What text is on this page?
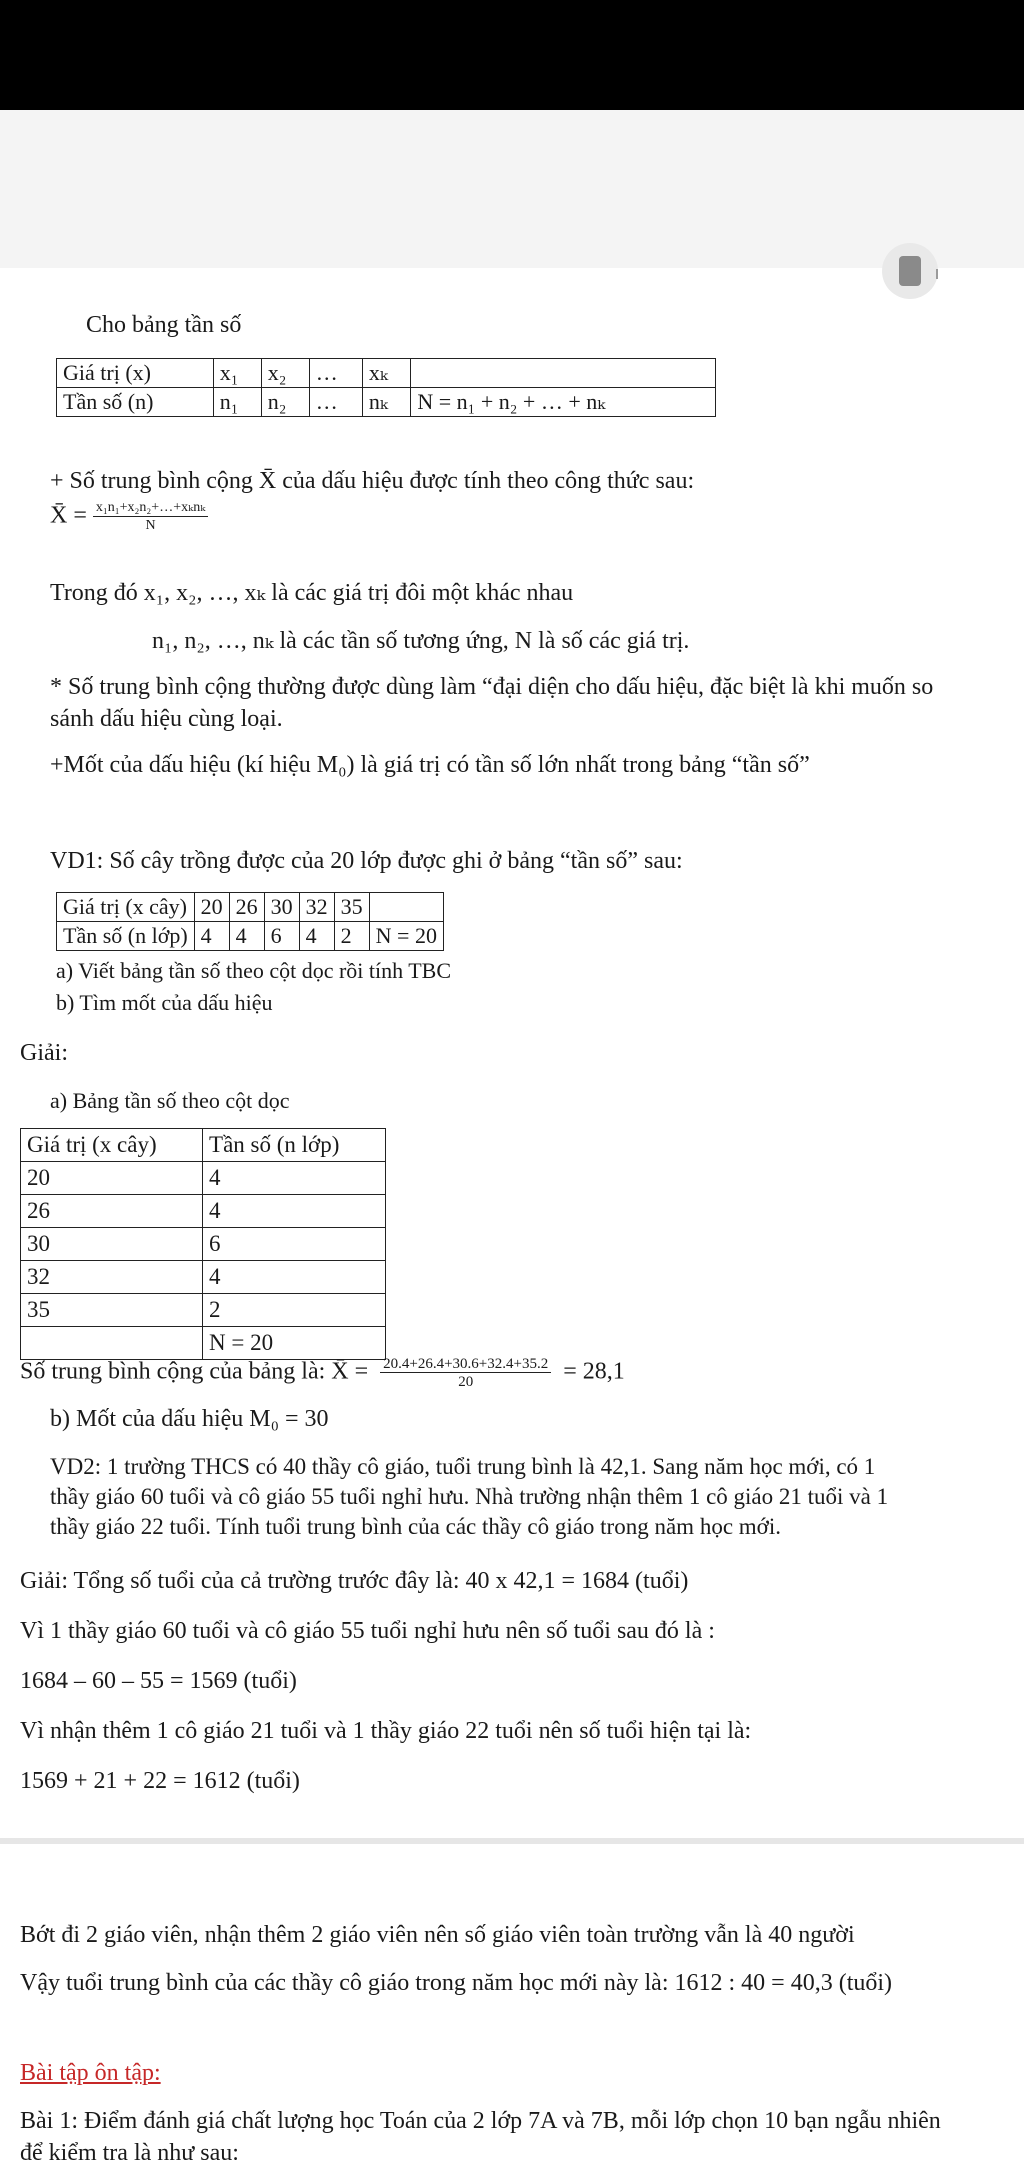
Cho bảng tần số
Giá trị (x)	x₁	x₂	…	xₖ	
Tần số (n)	n₁	n₂	…	nₖ	N = n₁ + n₂ + … + nₖ
+ Số trung bình cộng X̄ của dấu hiệu được tính theo công thức sau:
X̄ = $\frac{\text{x₁n₁+x₂n₂+…+xₖnₖ}}{N}$
Trong đó x₁, x₂, …, xₖ là các giá trị đôi một khác nhau
n₁, n₂, …, nₖ là các tần số tương ứng, N là số các giá trị.
* Số trung bình cộng thường được dùng làm “đại diện cho dấu hiệu, đặc biệt là khi muốn so
sánh dấu hiệu cùng loại.
+Mốt của dấu hiệu (kí hiệu M₀) là giá trị có tần số lớn nhất trong bảng “tần số”
VD1: Số cây trồng được của 20 lớp được ghi ở bảng “tần số” sau:
Giá trị (x cây)	20	26	30	32	35	
Tần số (n lớp)	4	4	6	4	2	N = 20
a) Viết bảng tần số theo cột dọc rồi tính TBC
b) Tìm mốt của dấu hiệu
Giải:
a) Bảng tần số theo cột dọc
Giá trị (x cây)	Tần số (n lớp)
20	4
26	4
30	6
32	4
35	2
	N = 20
Số trung bình cộng của bảng là: X̄ = $\frac{20.4+26.4+30.6+32.4+35.2}{20} = 28,1$
b) Mốt của dấu hiệu M₀ = 30
VD2: 1 trường THCS có 40 thầy cô giáo, tuổi trung bình là 42,1. Sang năm học mới, có 1
thầy giáo 60 tuổi và cô giáo 55 tuổi nghỉ hưu. Nhà trường nhận thêm 1 cô giáo 21 tuổi và 1
thầy giáo 22 tuổi. Tính tuổi trung bình của các thầy cô giáo trong năm học mới.
Giải: Tổng số tuổi của cả trường trước đây là: 40 x 42,1 = 1684 (tuổi)
Vì 1 thầy giáo 60 tuổi và cô giáo 55 tuổi nghỉ hưu nên số tuổi sau đó là :
1684 – 60 – 55 = 1569 (tuổi)
Vì nhận thêm 1 cô giáo 21 tuổi và 1 thầy giáo 22 tuổi nên số tuổi hiện tại là:
1569 + 21 + 22 = 1612 (tuổi)
Bớt đi 2 giáo viên, nhận thêm 2 giáo viên nên số giáo viên toàn trường vẫn là 40 người
Vậy tuổi trung bình của các thầy cô giáo trong năm học mới này là: 1612 : 40 = 40,3 (tuổi)
Bài tập ôn tập:
Bài 1: Điểm đánh giá chất lượng học Toán của 2 lớp 7A và 7B, mỗi lớp chọn 10 bạn ngẫu nhiên
để kiểm tra là như sau:
